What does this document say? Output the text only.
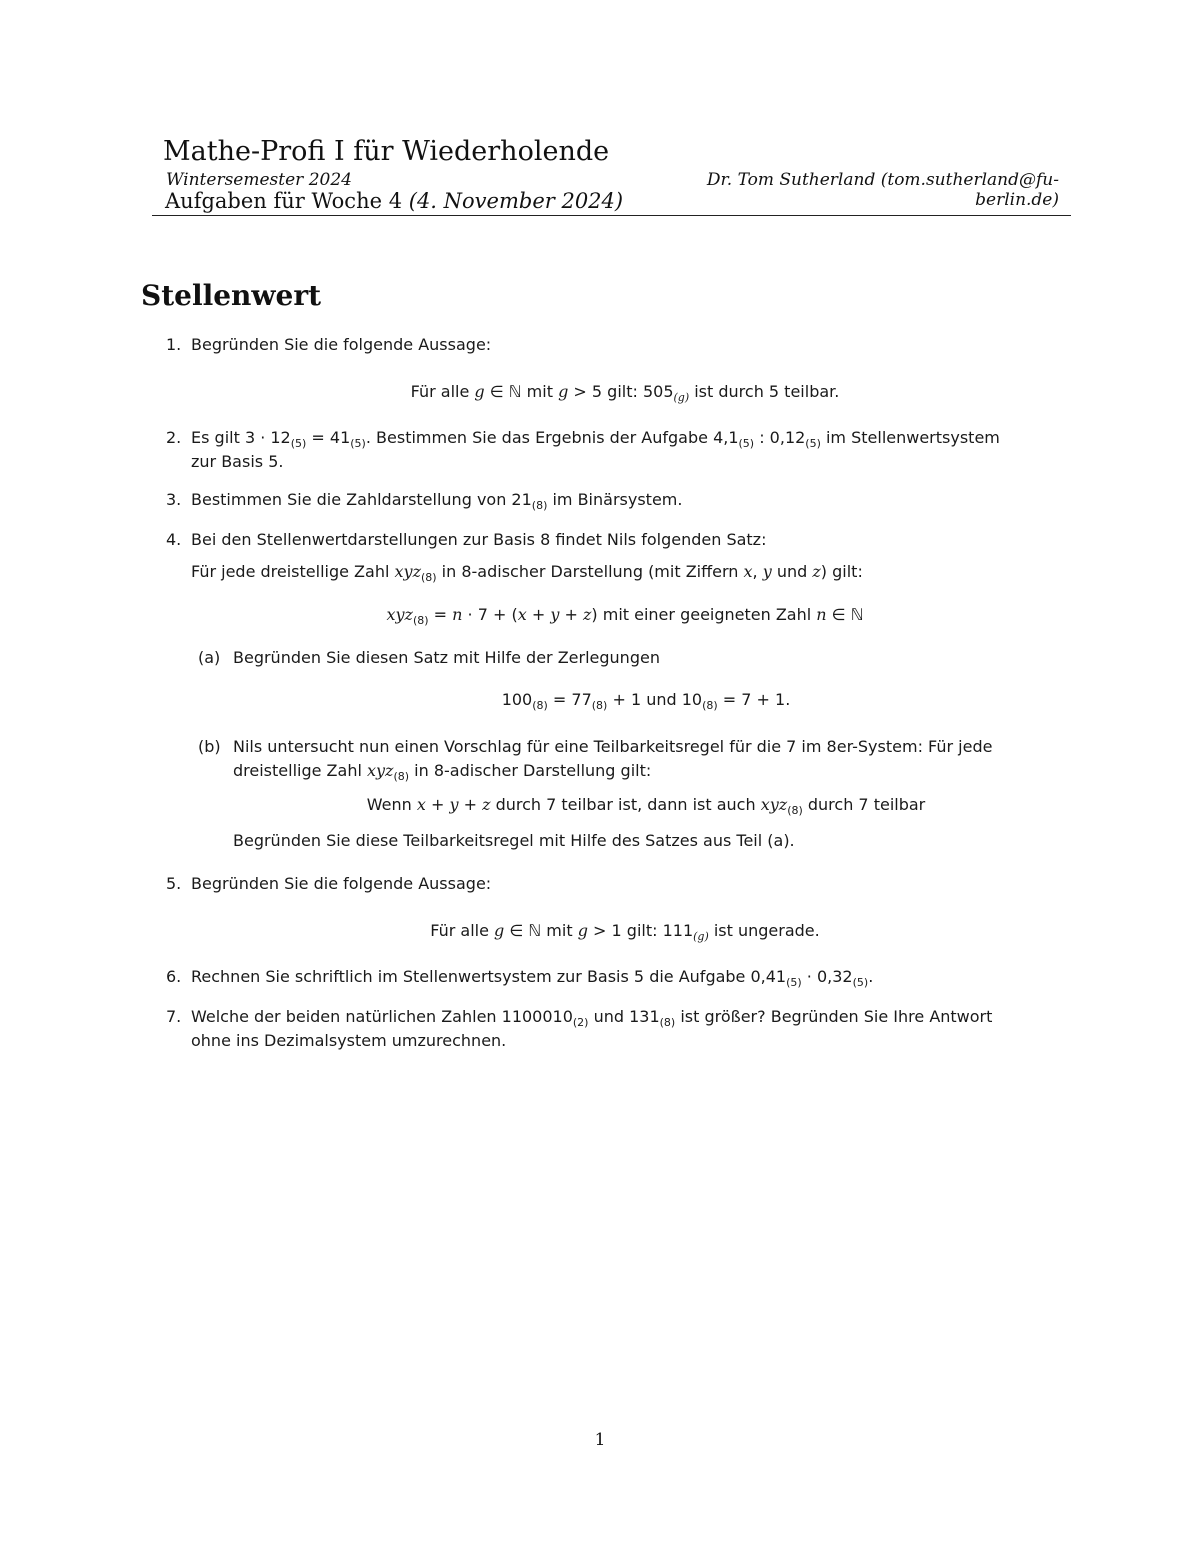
Mathe-Profi I für Wiederholende
Wintersemester 2024	Dr. Tom Sutherland (tom.sutherland@fu-berlin.de)
Aufgaben für Woche 4 (4. November 2024)
Stellenwert
1. Begründen Sie die folgende Aussage:
Für alle g ∈ ℕ mit g > 5 gilt: $505_{(g)}$ ist durch 5 teilbar.
2. Es gilt $3 \cdot 12_{(5)} = 41_{(5)}$. Bestimmen Sie das Ergebnis der Aufgabe $4,1_{(5)}$ : $0,12_{(5)}$ im Stellenwertsystem
zur Basis 5.
3. Bestimmen Sie die Zahldarstellung von $21_{(8)}$ im Binärsystem.
4. Bei den Stellenwertdarstellungen zur Basis 8 findet Nils folgenden Satz:
Für jede dreistellige Zahl xyz$_{(8)}$ in 8-adischer Darstellung (mit Ziffern x, y und z) gilt:
xyz$_{(8)}$ = n · 7 + (x + y + z) mit einer geeigneten Zahl n ∈ ℕ
(a) Begründen Sie diesen Satz mit Hilfe der Zerlegungen
$100_{(8)} = 77_{(8)} + 1$ und $10_{(8)} = 7 + 1$.
(b) Nils untersucht nun einen Vorschlag für eine Teilbarkeitsregel für die 7 im 8er-System: Für jede
dreistellige Zahl xyz$_{(8)}$ in 8-adischer Darstellung gilt:
Wenn x + y + z durch 7 teilbar ist, dann ist auch xyz$_{(8)}$ durch 7 teilbar
Begründen Sie diese Teilbarkeitsregel mit Hilfe des Satzes aus Teil (a).
5. Begründen Sie die folgende Aussage:
Für alle g ∈ ℕ mit g > 1 gilt: $111_{(g)}$ ist ungerade.
6. Rechnen Sie schriftlich im Stellenwertsystem zur Basis 5 die Aufgabe $0,41_{(5)} \cdot 0,32_{(5)}$.
7. Welche der beiden natürlichen Zahlen $1100010_{(2)}$ und $131_{(8)}$ ist größer? Begründen Sie Ihre Antwort
ohne ins Dezimalsystem umzurechnen.
1
